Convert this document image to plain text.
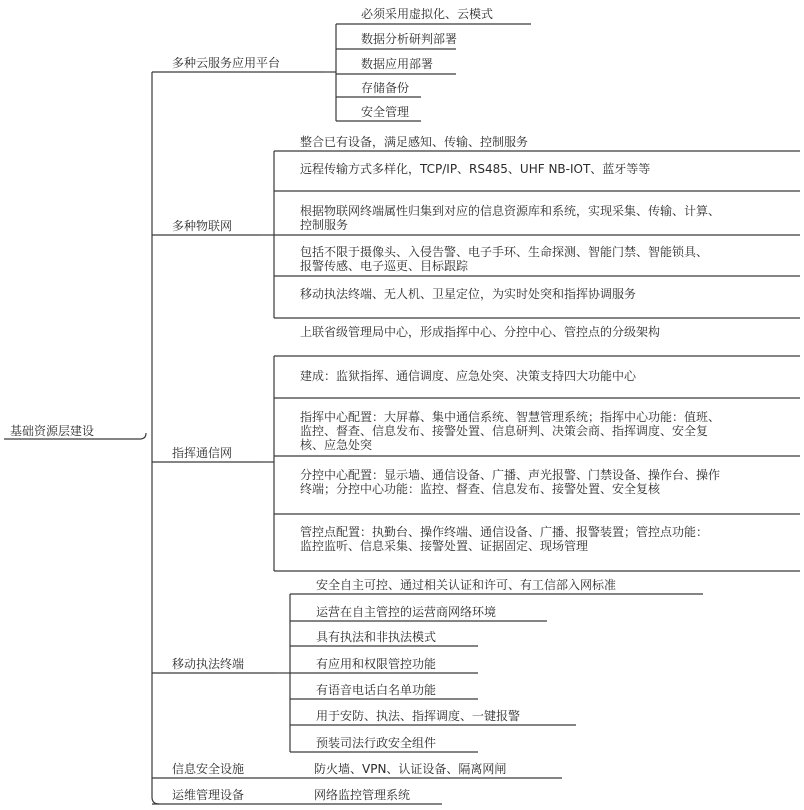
基础资源层建设
多种云服务应用平台
必须采用虚拟化、云模式
数据分析研判部署
数据应用部署
存储备份
安全管理
多种物联网
整合已有设备，满足感知、传输、控制服务
远程传输方式多样化，TCP/IP、RS485、UHF NB-IOT、蓝牙等等
根据物联网终端属性归集到对应的信息资源库和系统，实现采集、传输、计算、控制服务
包括不限于摄像头、入侵告警、电子手环、生命探测、智能门禁、智能锁具、报警传感、电子巡更、目标跟踪
移动执法终端、无人机、卫星定位，为实时处突和指挥协调服务
指挥通信网
上联省级管理局中心，形成指挥中心、分控中心、管控点的分级架构
建成：监狱指挥、通信调度、应急处突、决策支持四大功能中心
指挥中心配置：大屏幕、集中通信系统、智慧管理系统；指挥中心功能：值班、监控、督查、信息发布、接警处置、信息研判、决策会商、指挥调度、安全复核、应急处突
分控中心配置：显示墙、通信设备、广播、声光报警、门禁设备、操作台、操作终端；分控中心功能：监控、督查、信息发布、接警处置、安全复核
管控点配置：执勤台、操作终端、通信设备、广播、报警装置；管控点功能：监控监听、信息采集、接警处置、证据固定、现场管理
移动执法终端
安全自主可控、通过相关认证和许可、有工信部入网标准
运营在自主管控的运营商网络环境
具有执法和非执法模式
有应用和权限管控功能
有语音电话白名单功能
用于安防、执法、指挥调度、一键报警
预装司法行政安全组件
信息安全设施	防火墙、VPN、认证设备、隔离网闸
运维管理设备	网络监控管理系统
